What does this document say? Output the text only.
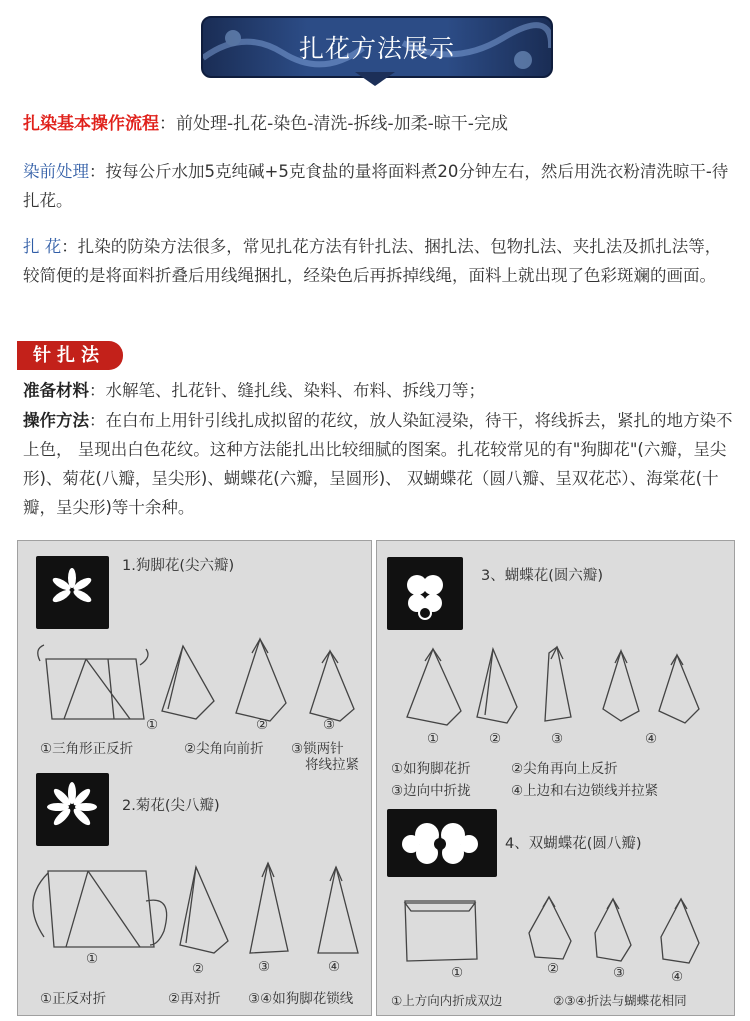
扎花方法展示
扎染基本操作流程：前处理-扎花-染色-清洗-拆线-加柔-晾干-完成
染前处理：按每公斤水加5克纯碱+5克食盐的量将面料煮20分钟左右，然后用洗衣粉清洗晾干-待扎花。
扎 花：扎染的防染方法很多，常见扎花方法有针扎法、捆扎法、包物扎法、夹扎法及抓扎法等，较简便的是将面料折叠后用线绳捆扎，经染色后再拆掉线绳，面料上就出现了色彩斑斓的画面。
针扎法
准备材料：水解笔、扎花针、缝扎线、染料、布料、拆线刀等；
操作方法：在白布上用针引线扎成拟留的花纹，放人染缸浸染，待干，将线拆去，紧扎的地方染不上色， 呈现出白色花纹。这种方法能扎出比较细腻的图案。扎花较常见的有"狗脚花"(六瓣，呈尖形)、菊花(八瓣，呈尖形)、蝴蝶花(六瓣，呈圆形)、 双蝴蝶花（圆八瓣、呈双花芯）、海棠花(十瓣，呈尖形)等十余种。
1.狗脚花(尖六瓣)
①	②	③
①三角形正反折	②尖角向前折 ③锁两针
将线拉紧
2.菊花(尖八瓣)
①
②	③	④
①正反对折	②再对折 ③④如狗脚花锁线
3、蝴蝶花(圆六瓣)
①	②	③	④
①如狗脚花折	②尖角再向上反折
③边向中折拢	④上边和右边锁线并拉紧
4、双蝴蝶花(圆八瓣)
①	②	③	④
①上方向内折成双边	②③④折法与蝴蝶花相同
